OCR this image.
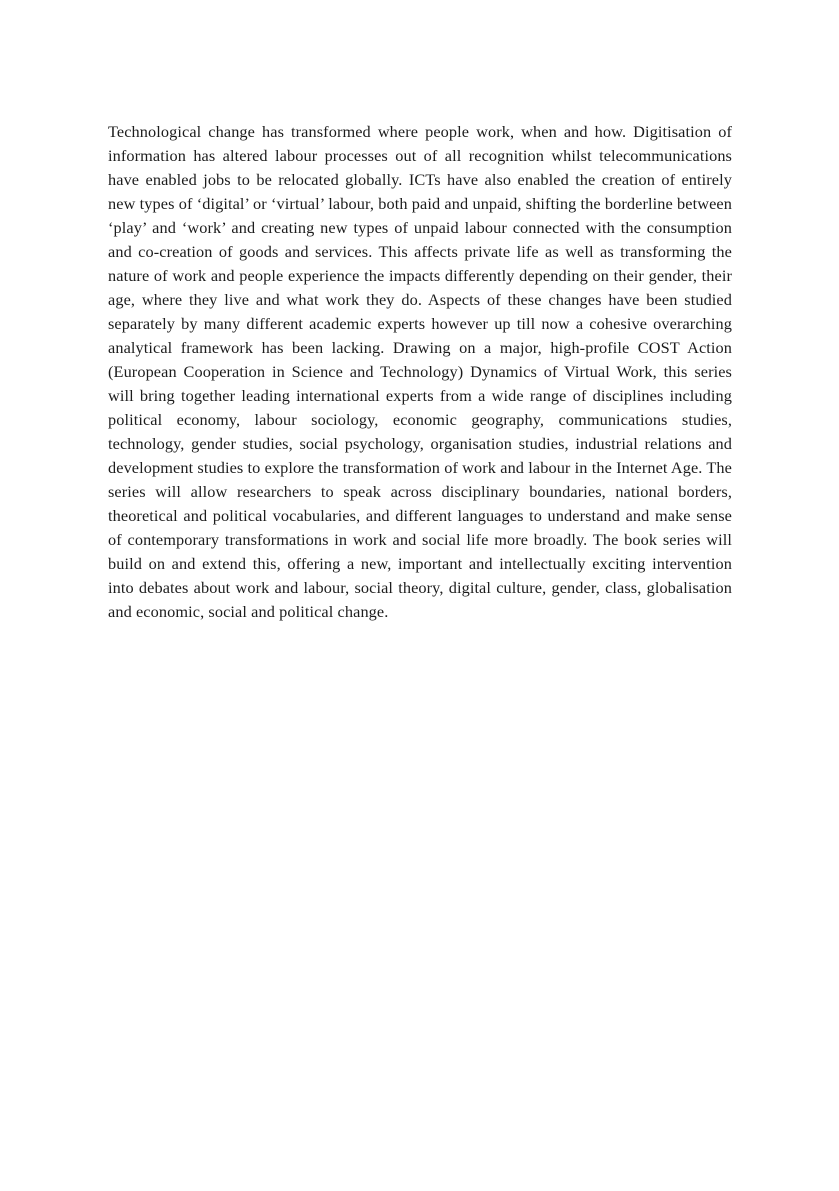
Technological change has transformed where people work, when and how. Digitisation of information has altered labour processes out of all recognition whilst telecommunications have enabled jobs to be relocated globally. ICTs have also enabled the creation of entirely new types of ‘digital’ or ‘virtual’ labour, both paid and unpaid, shifting the borderline between ‘play’ and ‘work’ and creating new types of unpaid labour connected with the consumption and co-creation of goods and services. This affects private life as well as transforming the nature of work and people experience the impacts differently depending on their gender, their age, where they live and what work they do. Aspects of these changes have been studied separately by many different academic experts however up till now a cohesive overarching analytical framework has been lacking. Drawing on a major, high-profile COST Action (European Cooperation in Science and Technology) Dynamics of Virtual Work, this series will bring together leading international experts from a wide range of disciplines including political economy, labour sociology, economic geography, communications studies, technology, gender studies, social psychology, organisation studies, industrial relations and development studies to explore the transformation of work and labour in the Internet Age. The series will allow researchers to speak across disciplinary boundaries, national borders, theoretical and political vocabularies, and different languages to understand and make sense of contemporary transformations in work and social life more broadly. The book series will build on and extend this, offering a new, important and intellectually exciting intervention into debates about work and labour, social theory, digital culture, gender, class, globalisation and economic, social and political change.
